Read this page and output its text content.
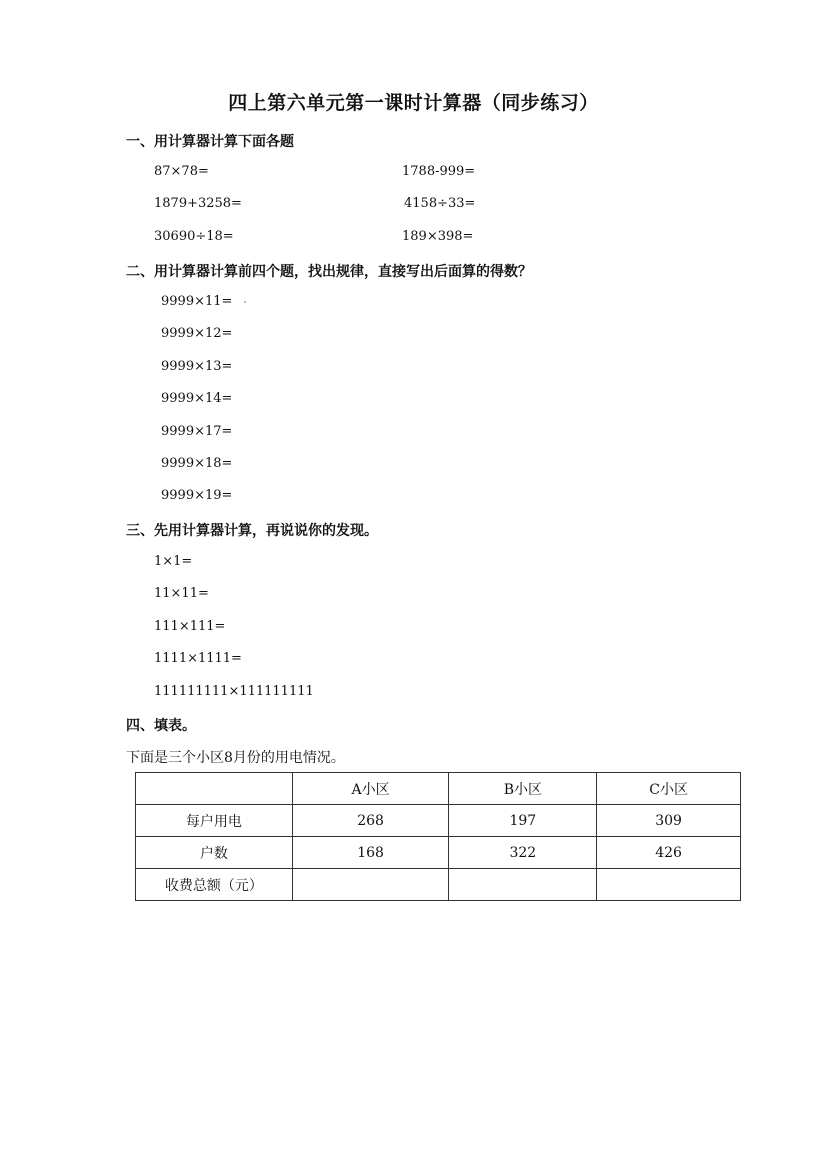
四上第六单元第一课时计算器（同步练习）
一、用计算器计算下面各题
87×78=	1788-999=
1879+3258=	4158÷33=
30690÷18=	189×398=
二、用计算器计算前四个题，找出规律，直接写出后面算的得数？
9999×11=
9999×12=
9999×13=
9999×14=
9999×17=
9999×18=
9999×19=
三、先用计算器计算，再说说你的发现。
1×1=
11×11=
111×111=
1111×1111=
111111111×111111111
四、填表。
下面是三个小区8月份的用电情况。
	A小区	B小区	C小区
每户用电	268	197	309
户数	168	322	426
收费总额（元）			
